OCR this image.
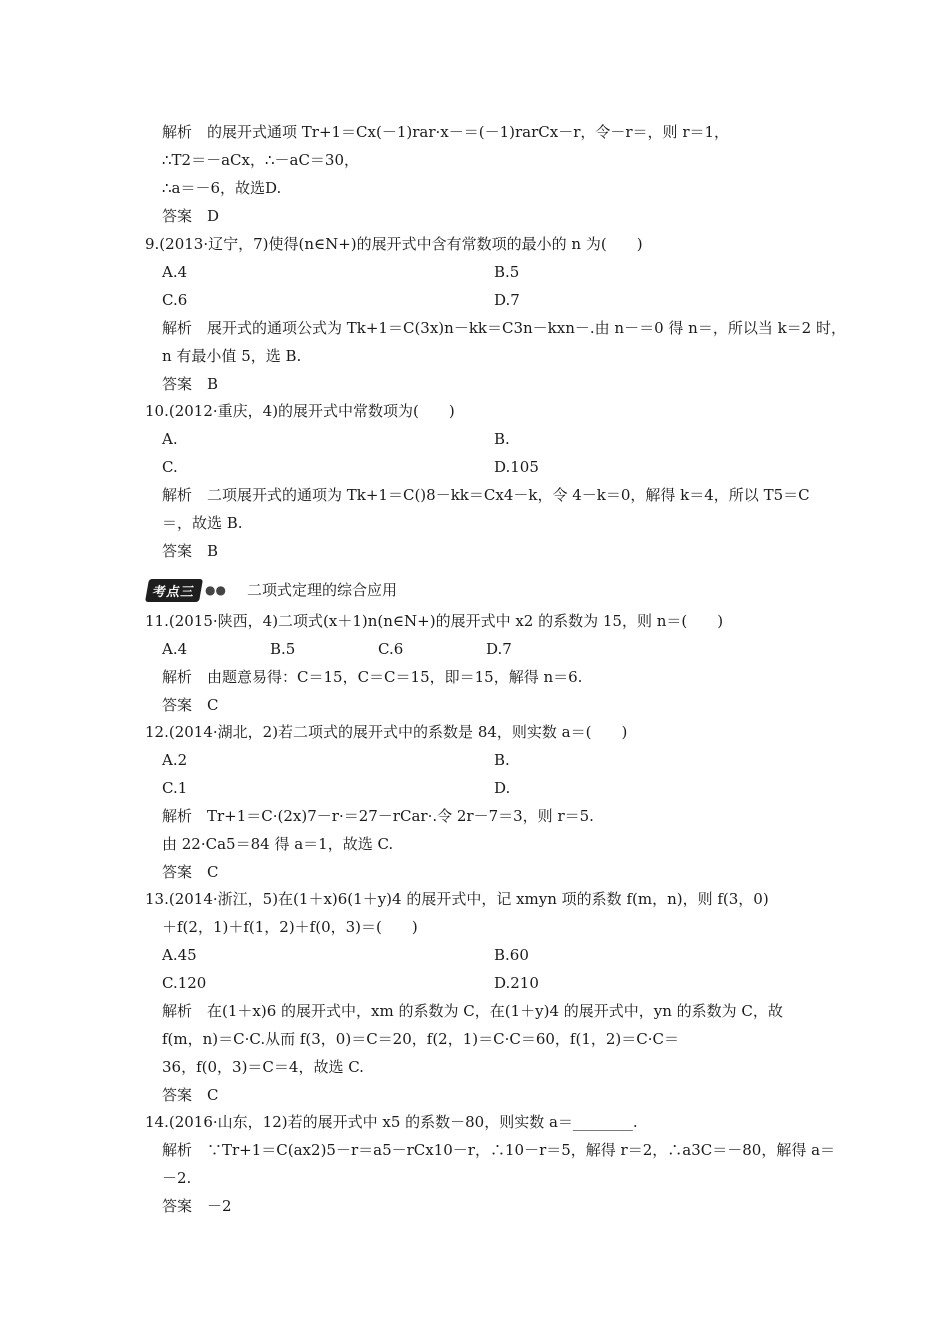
解析　的展开式通项 Tr+1＝Cx(－1)rar·x－＝(－1)rarCx－r，令－r＝，则 r＝1，
∴T2＝－aCx，∴－aC＝30，
∴a＝－6，故选D.
答案　D
9.(2013·辽宁，7)使得(n∈N+)的展开式中含有常数项的最小的 n 为(　　)
A.4	B.5
C.6	D.7
解析　展开式的通项公式为 Tk+1＝C(3x)n－kk＝C3n－kxn－.由 n－＝0 得 n＝，所以当 k＝2 时，
n 有最小值 5，选 B.
答案　B
10.(2012·重庆，4)的展开式中常数项为(　　)
A.	B.
C.	D.105
解析　二项展开式的通项为 Tk+1＝C()8－kk＝Cx4－k，令 4－k＝0，解得 k＝4，所以 T5＝C
＝，故选 B.
答案　B
考点三 ●● 二项式定理的综合应用
11.(2015·陕西，4)二项式(x＋1)n(n∈N+)的展开式中 x2 的系数为 15，则 n＝(　　)
A.4	B.5	C.6	D.7
解析　由题意易得：C＝15，C＝C＝15，即＝15，解得 n＝6.
答案　C
12.(2014·湖北，2)若二项式的展开式中的系数是 84，则实数 a＝(　　)
A.2	B.
C.1	D.
解析　Tr+1＝C·(2x)7－r·＝27－rCar·.令 2r－7＝3，则 r＝5.
由 22·Ca5＝84 得 a＝1，故选 C.
答案　C
13.(2014·浙江，5)在(1＋x)6(1＋y)4 的展开式中，记 xmyn 项的系数 f(m，n)，则 f(3，0)
＋f(2，1)＋f(1，2)＋f(0，3)＝(　　)
A.45	B.60
C.120	D.210
解析　在(1＋x)6 的展开式中，xm 的系数为 C，在(1＋y)4 的展开式中，yn 的系数为 C，故
f(m，n)＝C·C.从而 f(3，0)＝C＝20，f(2，1)＝C·C＝60，f(1，2)＝C·C＝
36，f(0，3)＝C＝4，故选 C.
答案　C
14.(2016·山东，12)若的展开式中 x5 的系数－80，则实数 a＝________.
解析　∵Tr+1＝C(ax2)5－r＝a5－rCx10－r，∴10－r＝5，解得 r＝2，∴a3C＝－80，解得 a＝
－2.
答案　－2
